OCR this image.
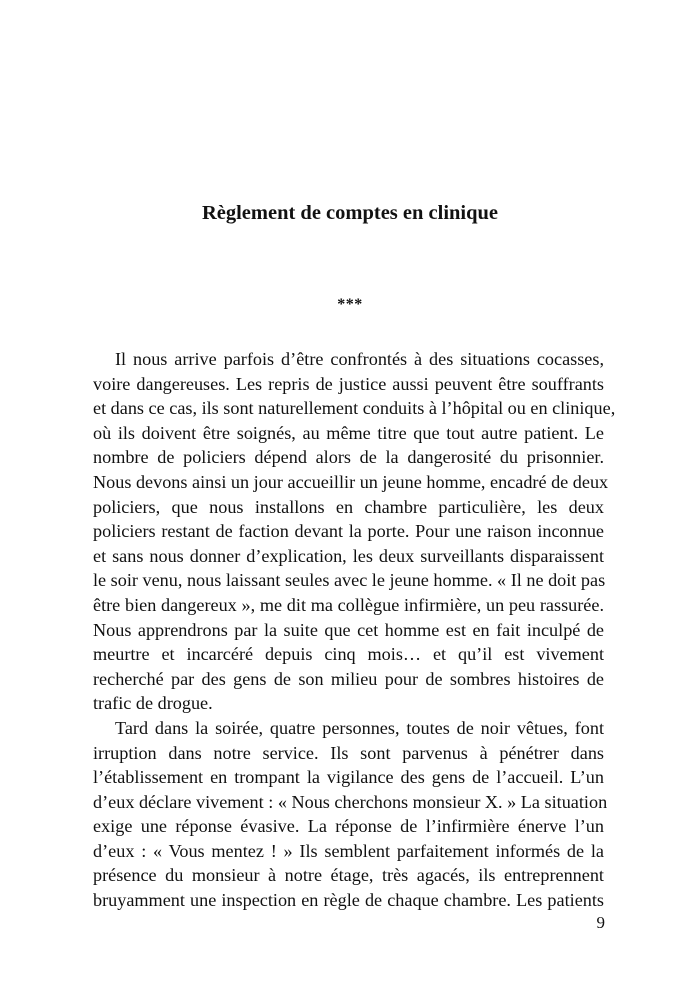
Règlement de comptes en clinique
***

Il nous arrive parfois d’être confrontés à des situations cocasses,

voire dangereuses. Les repris de justice aussi peuvent être souffrants

et dans ce cas, ils sont naturellement conduits à l’hôpital ou en clinique,

où ils doivent être soignés, au même titre que tout autre patient. Le

nombre de policiers dépend alors de la dangerosité du prisonnier.

Nous devons ainsi un jour accueillir un jeune homme, encadré de deux

policiers, que nous installons en chambre particulière, les deux

policiers restant de faction devant la porte. Pour une raison inconnue

et sans nous donner d’explication, les deux surveillants disparaissent

le soir venu, nous laissant seules avec le jeune homme. « Il ne doit pas

être bien dangereux », me dit ma collègue infirmière, un peu rassurée.

Nous apprendrons par la suite que cet homme est en fait inculpé de

meurtre et incarcéré depuis cinq mois… et qu’il est vivement

recherché par des gens de son milieu pour de sombres histoires de

trafic de drogue.

Tard dans la soirée, quatre personnes, toutes de noir vêtues, font

irruption dans notre service. Ils sont parvenus à pénétrer dans

l’établissement en trompant la vigilance des gens de l’accueil. L’un

d’eux déclare vivement : « Nous cherchons monsieur X. » La situation

exige une réponse évasive. La réponse de l’infirmière énerve l’un

d’eux : « Vous mentez ! » Ils semblent parfaitement informés de la

présence du monsieur à notre étage, très agacés, ils entreprennent

bruyamment une inspection en règle de chaque chambre. Les patients

9
